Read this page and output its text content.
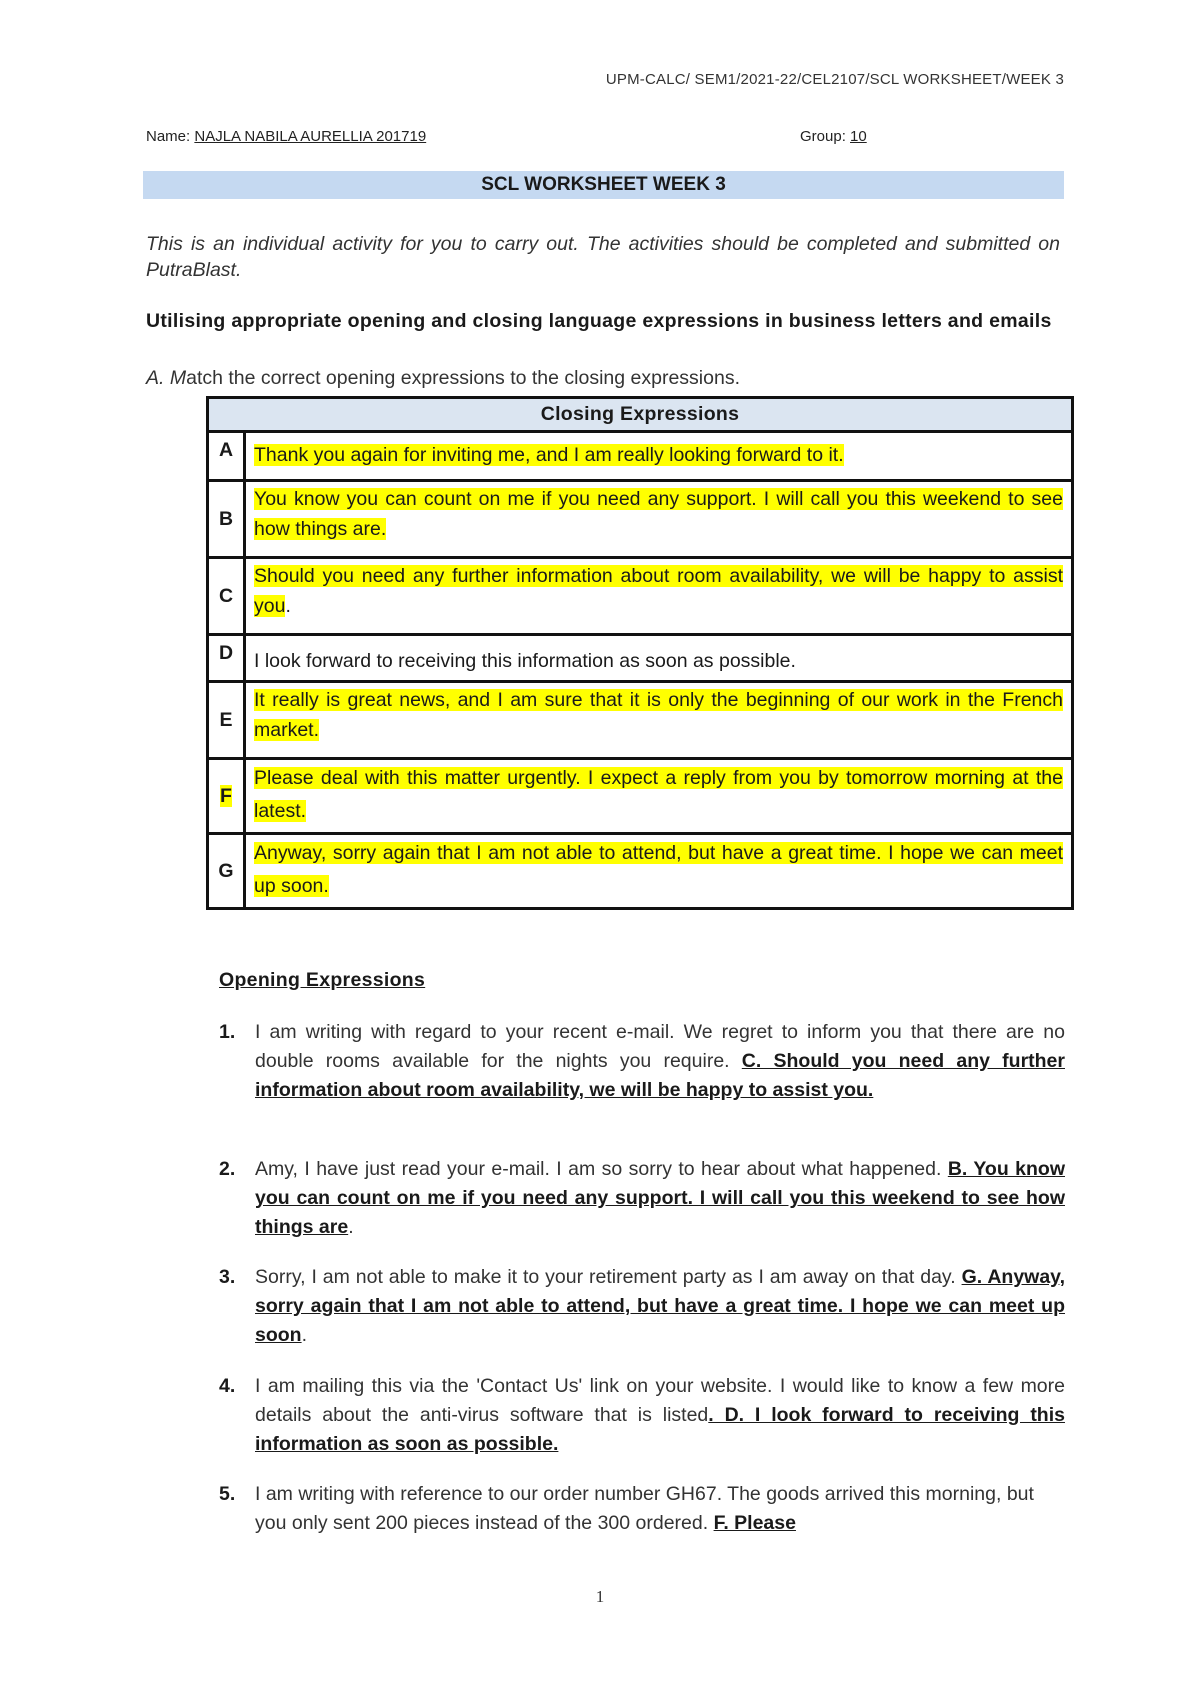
UPM-CALC/ SEM1/2021-22/CEL2107/SCL WORKSHEET/WEEK 3
Name: NAJLA NABILA AURELLIA 201719	Group: 10
SCL WORKSHEET WEEK 3
This is an individual activity for you to carry out. The activities should be completed and submitted on PutraBlast.
Utilising appropriate opening and closing language expressions in business letters and emails
A. Match the correct opening expressions to the closing expressions.
Closing Expressions	
A	Thank you again for inviting me, and I am really looking forward to it.
B	You know you can count on me if you need any support. I will call you this weekend to see how things are.
C	Should you need any further information about room availability, we will be happy to assist you.
D	I look forward to receiving this information as soon as possible.
E	It really is great news, and I am sure that it is only the beginning of our work in the French market.
F	Please deal with this matter urgently. I expect a reply from you by tomorrow morning at the latest.
G	Anyway, sorry again that I am not able to attend, but have a great time. I hope we can meet up soon.
Opening Expressions
1. I am writing with regard to your recent e-mail. We regret to inform you that there are no double rooms available for the nights you require. C. Should you need any further information about room availability, we will be happy to assist you.
2. Amy, I have just read your e-mail. I am so sorry to hear about what happened. B. You know you can count on me if you need any support. I will call you this weekend to see how things are.
3. Sorry, I am not able to make it to your retirement party as I am away on that day. G. Anyway, sorry again that I am not able to attend, but have a great time. I hope we can meet up soon.
4. I am mailing this via the 'Contact Us' link on your website. I would like to know a few more details about the anti-virus software that is listed. D. I look forward to receiving this information as soon as possible.
5. I am writing with reference to our order number GH67. The goods arrived this morning, but you only sent 200 pieces instead of the 300 ordered. F. Please
1
